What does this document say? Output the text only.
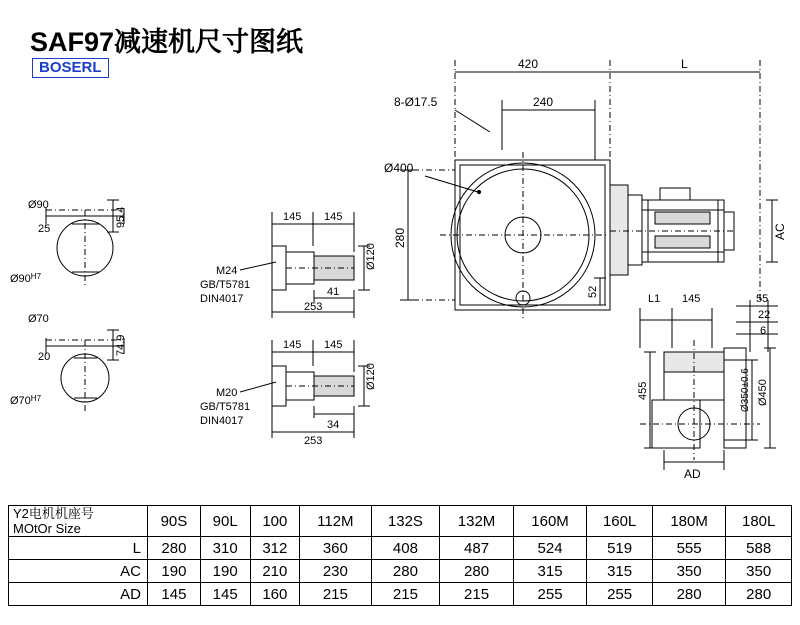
SAF97减速机尺寸图纸
BOSERL
Ø90
25
95.4
$Ø90^{H7}$
Ø70
20
74.9
$Ø70^{H7}$
145 145
Ø120
M24
GB/T5781
DIN4017
41
253
145 145
Ø120
M20
GB/T5781
DIN4017	34
253
420	L
8-Ø17.5	240
Ø400
280
52
AC
L1 145	55
22
6
455	Ø350±0.6 Ø450
AD
Y2电机机座号
MOtOr Size	90S	90L	100	112M	132S	132M	160M	160L	180M	180L
L	280	310	312	360	408	487	524	519	555	588
AC	190	190	210	230	280	280	315	315	350	350
AD	145	145	160	215	215	215	255	255	280	280
